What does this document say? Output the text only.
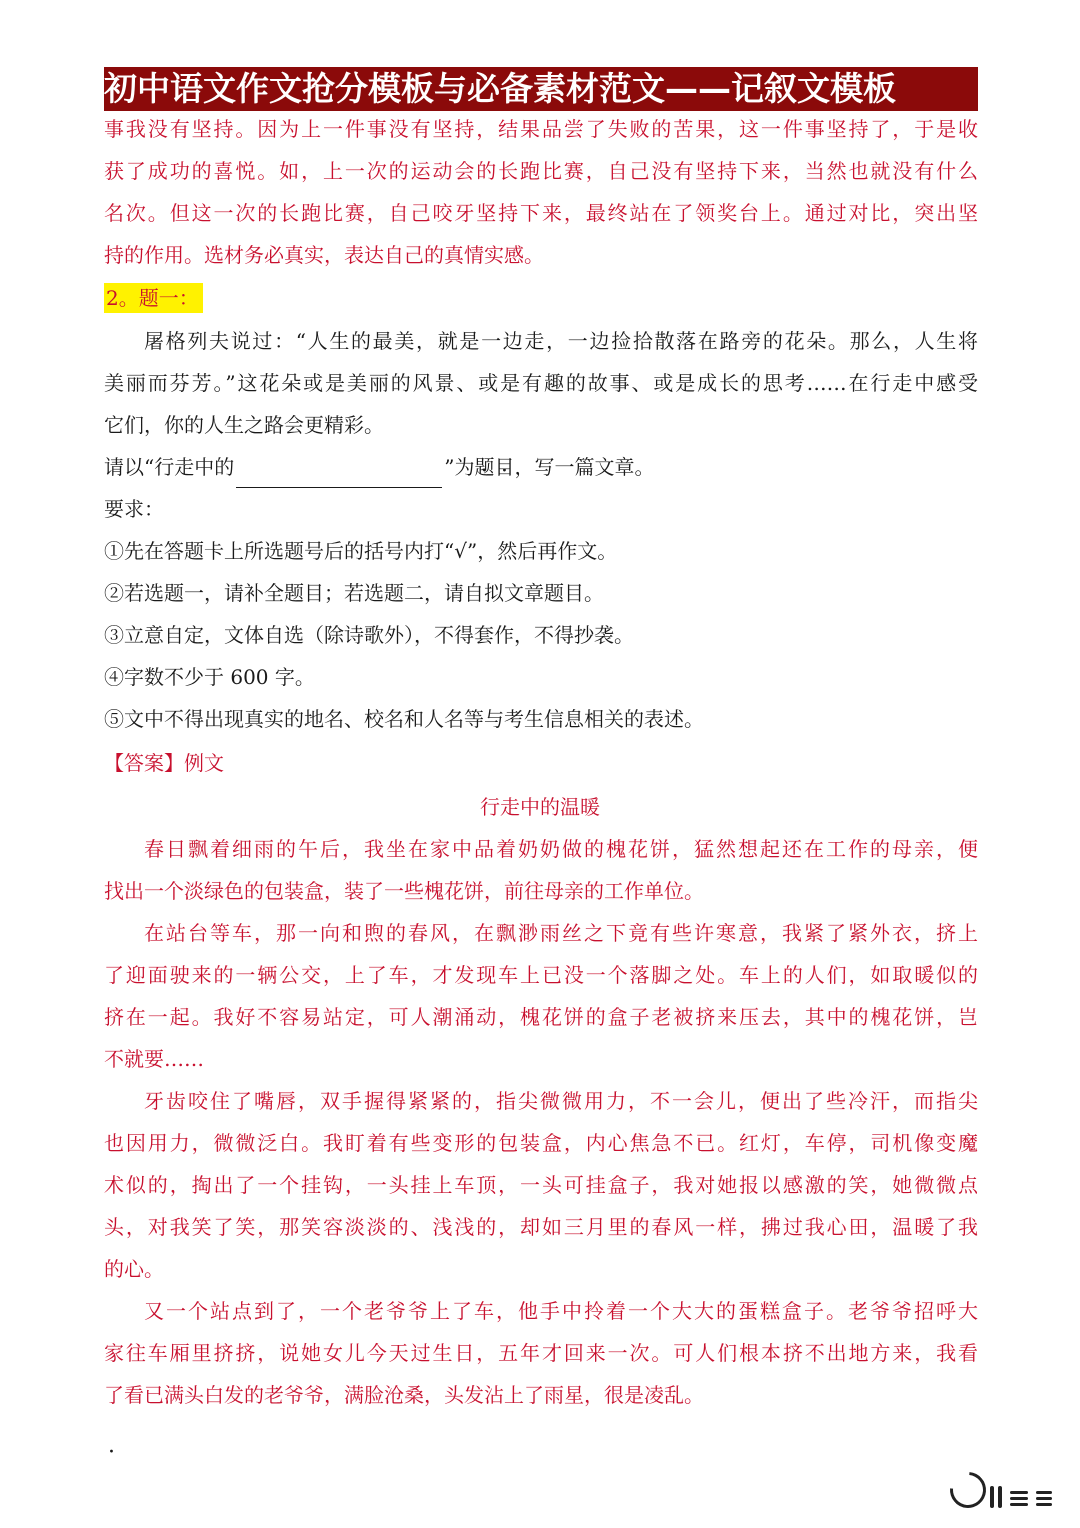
初中语文作文抢分模板与必备素材范文——记叙文模板
事我没有坚持。因为上一件事没有坚持，结果品尝了失败的苦果，这一件事坚持了，于是收
获了成功的喜悦。如，上一次的运动会的长跑比赛，自己没有坚持下来，当然也就没有什么
名次。但这一次的长跑比赛，自己咬牙坚持下来，最终站在了领奖台上。通过对比，突出坚
持的作用。选材务必真实，表达自己的真情实感。
2。题一：
屠格列夫说过：“人生的最美，就是一边走，一边捡拾散落在路旁的花朵。那么，人生将
美丽而芬芳。”这花朵或是美丽的风景、或是有趣的故事、或是成长的思考……在行走中感受
它们，你的人生之路会更精彩。
请以“行走中的	”为题 •目 •，写一篇文章。
要求：
①先在答题卡上所选题号后的括号内打“√”，然后再作文。
②若选题一，请补全题目；若选题二，请自拟文章题目。
③立意自定，文体自选（除诗歌外），不得套作，不得抄袭。
④字数不少于 600 字。
⑤文中不得出现真实的地名、校名和人名等与考生信息相关的表述。
【答案】例文
行走中的温暖
春日飘着细雨的午后，我坐在家中品着奶奶做的槐花饼，猛然想起还在工作的母亲，便
找出一个淡绿色的包装盒，装了一些槐花饼，前往母亲的工作单位。
在站台等车，那一向和煦的春风，在飘渺雨丝之下竟有些许寒意，我紧了紧外衣，挤上
了迎面驶来的一辆公交，上了车，才发现车上已没一个落脚之处。车上的人们，如取暖似的
挤在一起。我好不容易站定，可人潮涌动，槐花饼的盒子老被挤来压去，其中的槐花饼，岂
不就要……
牙齿咬住了嘴唇，双手握得紧紧的，指尖微微用力，不一会儿，便出了些冷汗，而指尖
也因用力，微微泛白。我盯着有些变形的包装盒，内心焦急不已。红灯，车停，司机像变魔
术似的，掏出了一个挂钩，一头挂上车顶，一头可挂盒子，我对她报以感激的笑，她微微点
头，对我笑了笑，那笑容淡淡的、浅浅的，却如三月里的春风一样，拂过我心田，温暖了我
的心。
又一个站点到了，一个老爷爷上了车，他手中拎着一个大大的蛋糕盒子。老爷爷招呼大
家往车厢里挤挤，说她女儿今天过生日，五年才回来一次。可人们根本挤不出地方来，我看
了看已满头白发的老爷爷，满脸沧桑，头发沾上了雨星，很是凌乱。
·
